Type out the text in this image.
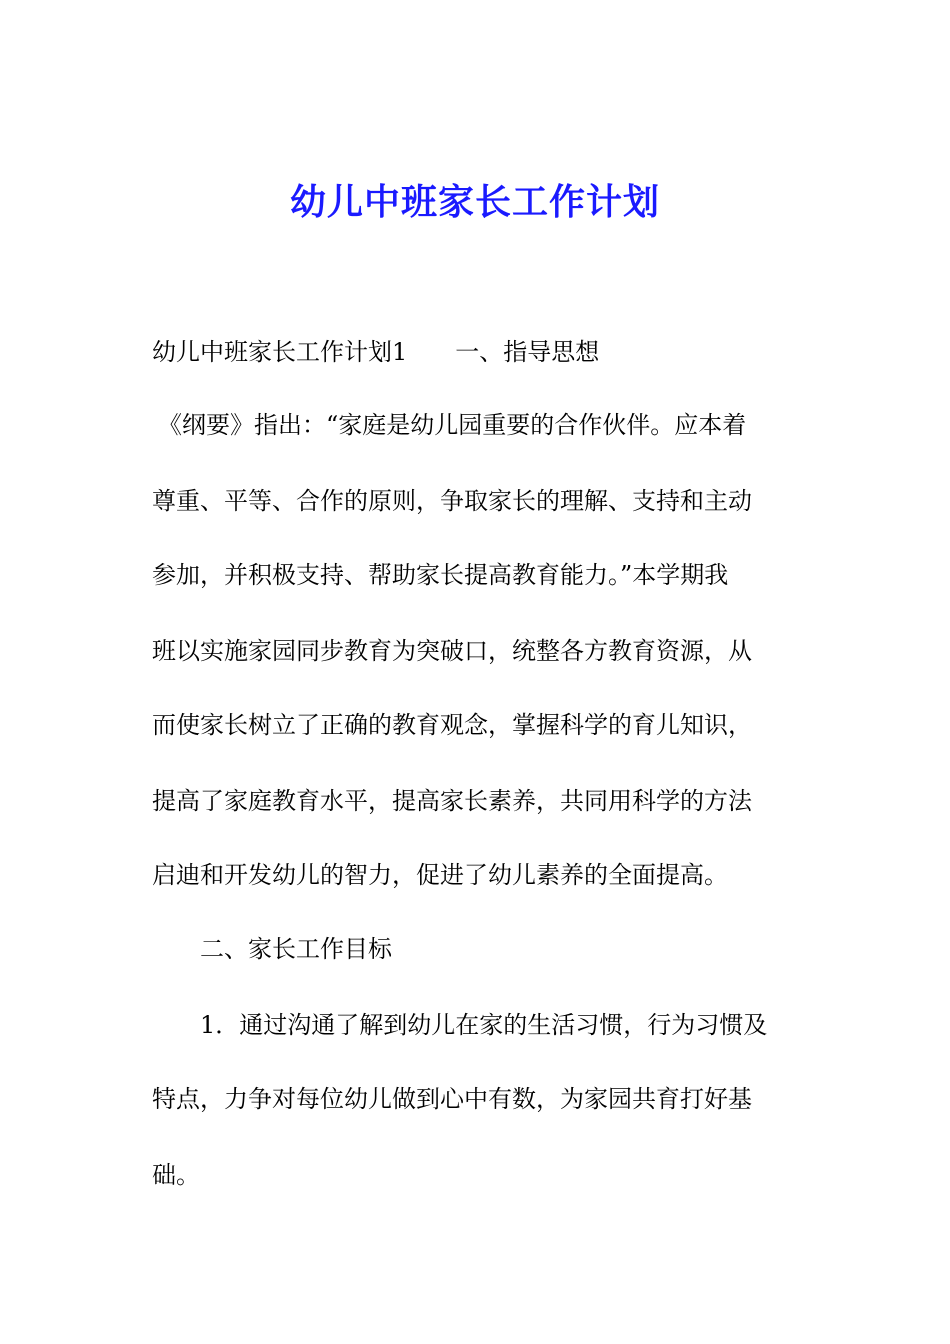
幼儿中班家长工作计划
幼儿中班家长工作计划1 一、指导思想
《纲要》指出：“家庭是幼儿园重要的合作伙伴。应本着
尊重、平等、合作的原则，争取家长的理解、支持和主动
参加，并积极支持、帮助家长提高教育能力。”本学期我
班以实施家园同步教育为突破口，统整各方教育资源，从
而使家长树立了正确的教育观念，掌握科学的育儿知识，
提高了家庭教育水平，提高家长素养，共同用科学的方法
启迪和开发幼儿的智力，促进了幼儿素养的全面提高。
二、家长工作目标
1．通过沟通了解到幼儿在家的生活习惯，行为习惯及
特点，力争对每位幼儿做到心中有数，为家园共育打好基
础。
